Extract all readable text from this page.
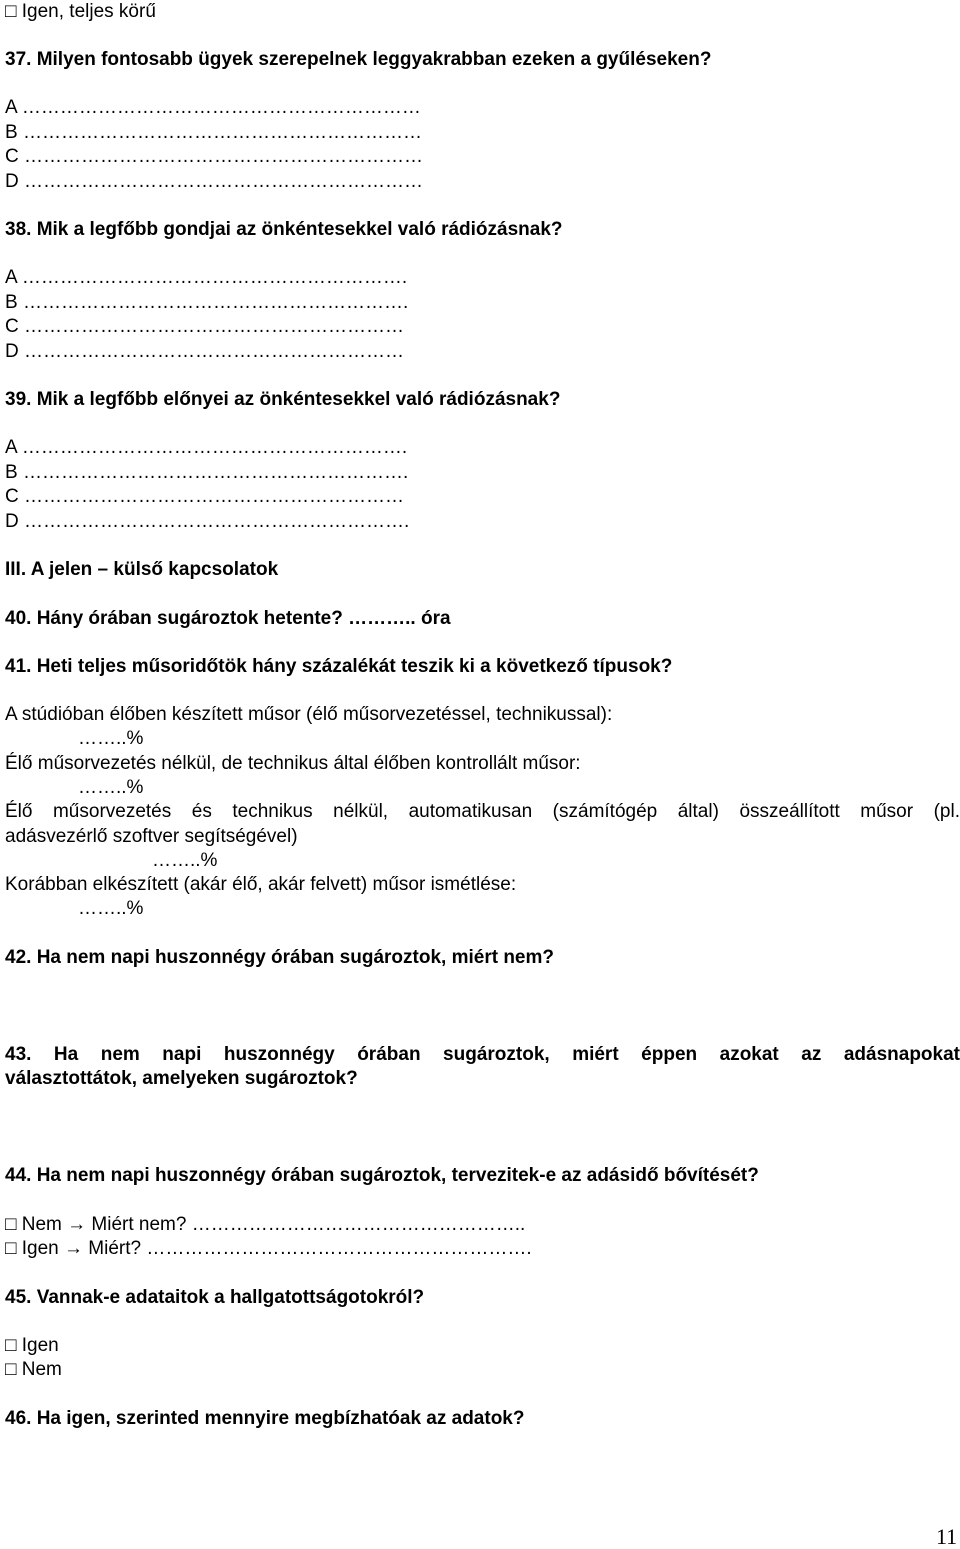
□ Igen, teljes körű
37. Milyen fontosabb ügyek szerepelnek leggyakrabban ezeken a gyűléseken?
A ………………………………………………………
B ………………………………………………………
C ………………………………………………………
D ………………………………………………………
38. Mik a legfőbb gondjai az önkéntesekkel való rádiózásnak?
A …………………………………………………….
B …………………………………………………….
C ……………………………………………………
D ……………………………………………………
39. Mik a legfőbb előnyei az önkéntesekkel való rádiózásnak?
A …………………………………………………….
B …………………………………………………….
C ……………………………………………………
D …………………………………………………….
III. A jelen – külső kapcsolatok
40. Hány órában sugároztok hetente? ……….. óra
41. Heti teljes műsoridőtök hány százalékát teszik ki a következő típusok?
A stúdióban élőben készített műsor (élő műsorvezetéssel, technikussal):
……..%
Élő műsorvezetés nélkül, de technikus által élőben kontrollált műsor:
……..%
Élő műsorvezetés és technikus nélkül, automatikusan (számítógép által) összeállított műsor (pl.
adásvezérlő szoftver segítségével)
……..%
Korábban elkészített (akár élő, akár felvett) műsor ismétlése:
……..%
42. Ha nem napi huszonnégy órában sugároztok, miért nem?
43. Ha nem napi huszonnégy órában sugároztok, miért éppen azokat az adásnapokat
választottátok, amelyeken sugároztok?
44. Ha nem napi huszonnégy órában sugároztok, tervezitek-e az adásidő bővítését?
□ Nem → Miért nem? ……………………………………………..
□ Igen → Miért? …………………………………………………….
45. Vannak-e adataitok a hallgatottságotokról?
□ Igen
□ Nem
46. Ha igen, szerinted mennyire megbízhatóak az adatok?
11
